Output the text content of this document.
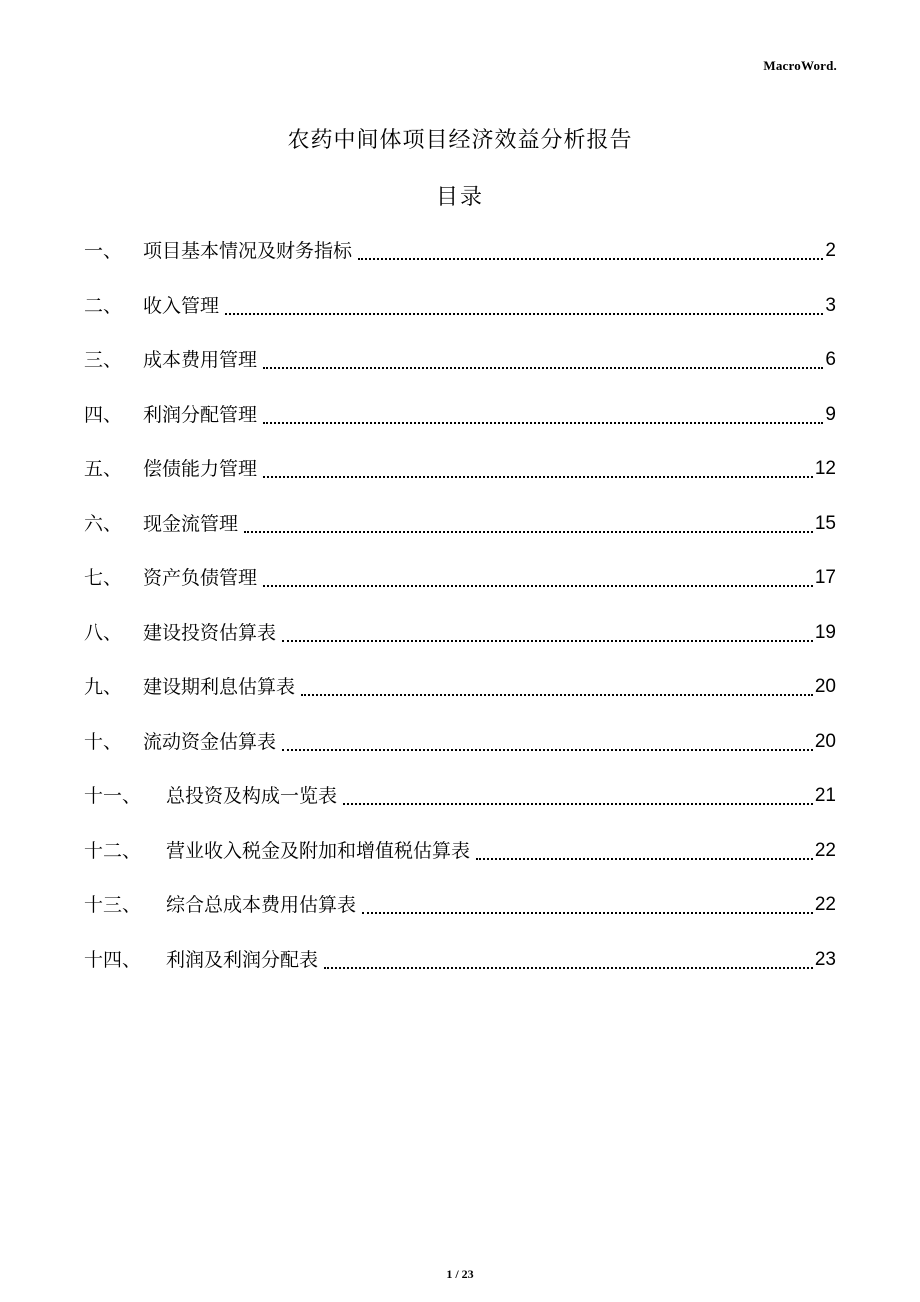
MacroWord.
农药中间体项目经济效益分析报告
目录
一、	项目基本情况及财务指标	2
二、	收入管理	3
三、	成本费用管理	6
四、	利润分配管理	9
五、	偿债能力管理	12
六、	现金流管理	15
七、	资产负债管理	17
八、	建设投资估算表	19
九、	建设期利息估算表	20
十、	流动资金估算表	20
十一、	总投资及构成一览表	21
十二、	营业收入税金及附加和增值税估算表	22
十三、	综合总成本费用估算表	22
十四、	利润及利润分配表	23
1 / 23
